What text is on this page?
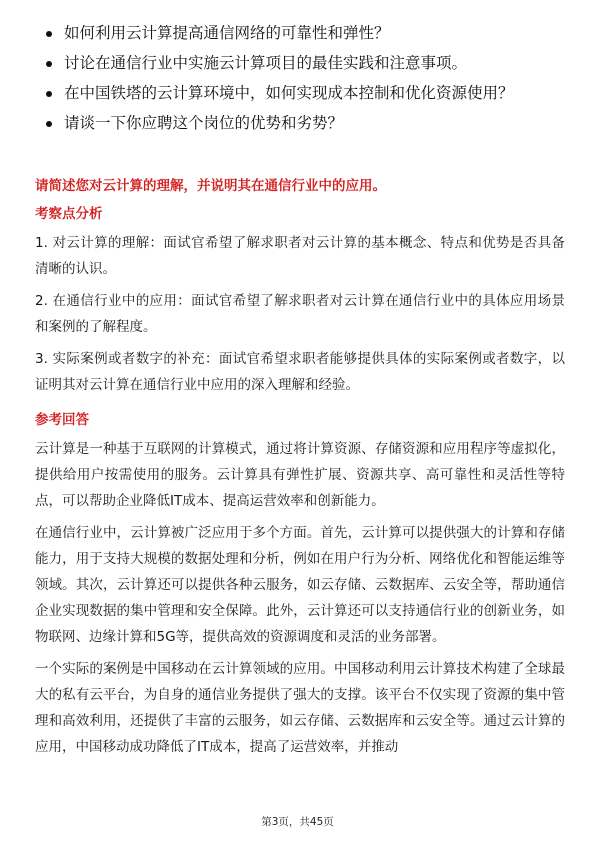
如何利用云计算提高通信网络的可靠性和弹性？
讨论在通信行业中实施云计算项目的最佳实践和注意事项。
在中国铁塔的云计算环境中，如何实现成本控制和优化资源使用？
请谈一下你应聘这个岗位的优势和劣势？
请简述您对云计算的理解，并说明其在通信行业中的应用。
考察点分析

1. 对云计算的理解：面试官希望了解求职者对云计算的基本概念、特点和优势是否具备清晰的认识。

2. 在通信行业中的应用：面试官希望了解求职者对云计算在通信行业中的具体应用场景和案例的了解程度。

3. 实际案例或者数字的补充：面试官希望求职者能够提供具体的实际案例或者数字，以证明其对云计算在通信行业中应用的深入理解和经验。

参考回答

云计算是一种基于互联网的计算模式，通过将计算资源、存储资源和应用程序等虚拟化，提供给用户按需使用的服务。云计算具有弹性扩展、资源共享、高可靠性和灵活性等特点，可以帮助企业降低IT成本、提高运营效率和创新能力。

在通信行业中，云计算被广泛应用于多个方面。首先，云计算可以提供强大的计算和存储能力，用于支持大规模的数据处理和分析，例如在用户行为分析、网络优化和智能运维等领域。其次，云计算还可以提供各种云服务，如云存储、云数据库、云安全等，帮助通信企业实现数据的集中管理和安全保障。此外，云计算还可以支持通信行业的创新业务，如物联网、边缘计算和5G等，提供高效的资源调度和灵活的业务部署。

一个实际的案例是中国移动在云计算领域的应用。中国移动利用云计算技术构建了全球最大的私有云平台，为自身的通信业务提供了强大的支撑。该平台不仅实现了资源的集中管理和高效利用，还提供了丰富的云服务，如云存储、云数据库和云安全等。通过云计算的应用，中国移动成功降低了IT成本，提高了运营效率，并推动

第3页，共45页
